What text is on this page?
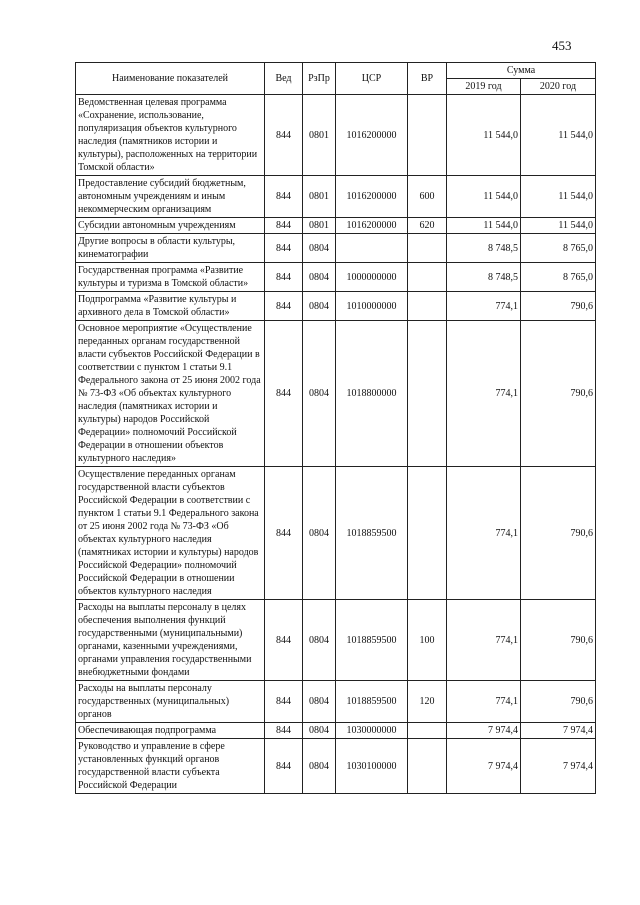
453
Наименование показателей	Вед	РзПр	ЦСР	ВР	Сумма	
					2019 год	2020 год
Ведомственная целевая программа «Сохранение, использование, популяризация объектов культурного наследия (памятников истории и культуры), расположенных на территории Томской области»	844	0801	1016200000		11 544,0	11 544,0
Предоставление субсидий бюджетным, автономным учреждениям и иным некоммерческим организациям	844	0801	1016200000	600	11 544,0	11 544,0
Субсидии автономным учреждениям	844	0801	1016200000	620	11 544,0	11 544,0
Другие вопросы в области культуры, кинематографии	844	0804			8 748,5	8 765,0
Государственная программа «Развитие культуры и туризма в Томской области»	844	0804	1000000000		8 748,5	8 765,0
Подпрограмма «Развитие культуры и архивного дела в Томской области»	844	0804	1010000000		774,1	790,6
Основное мероприятие «Осуществление переданных органам государственной власти субъектов Российской Федерации в соответствии с пунктом 1 статьи 9.1 Федерального закона от 25 июня 2002 года № 73-ФЗ «Об объектах культурного наследия (памятниках истории и культуры) народов Российской Федерации» полномочий Российской Федерации в отношении объектов культурного наследия»	844	0804	1018800000		774,1	790,6
Осуществление переданных органам государственной власти субъектов Российской Федерации в соответствии с пунктом 1 статьи 9.1 Федерального закона от 25 июня 2002 года № 73-ФЗ «Об объектах культурного наследия (памятниках истории и культуры) народов Российской Федерации» полномочий Российской Федерации в отношении объектов культурного наследия	844	0804	1018859500		774,1	790,6
Расходы на выплаты персоналу в целях обеспечения выполнения функций государственными (муниципальными) органами, казенными учреждениями, органами управления государственными внебюджетными фондами	844	0804	1018859500	100	774,1	790,6
Расходы на выплаты персоналу государственных (муниципальных) органов	844	0804	1018859500	120	774,1	790,6
Обеспечивающая подпрограмма	844	0804	1030000000		7 974,4	7 974,4
Руководство и управление в сфере установленных функций органов государственной власти субъекта Российской Федерации	844	0804	1030100000		7 974,4	7 974,4
